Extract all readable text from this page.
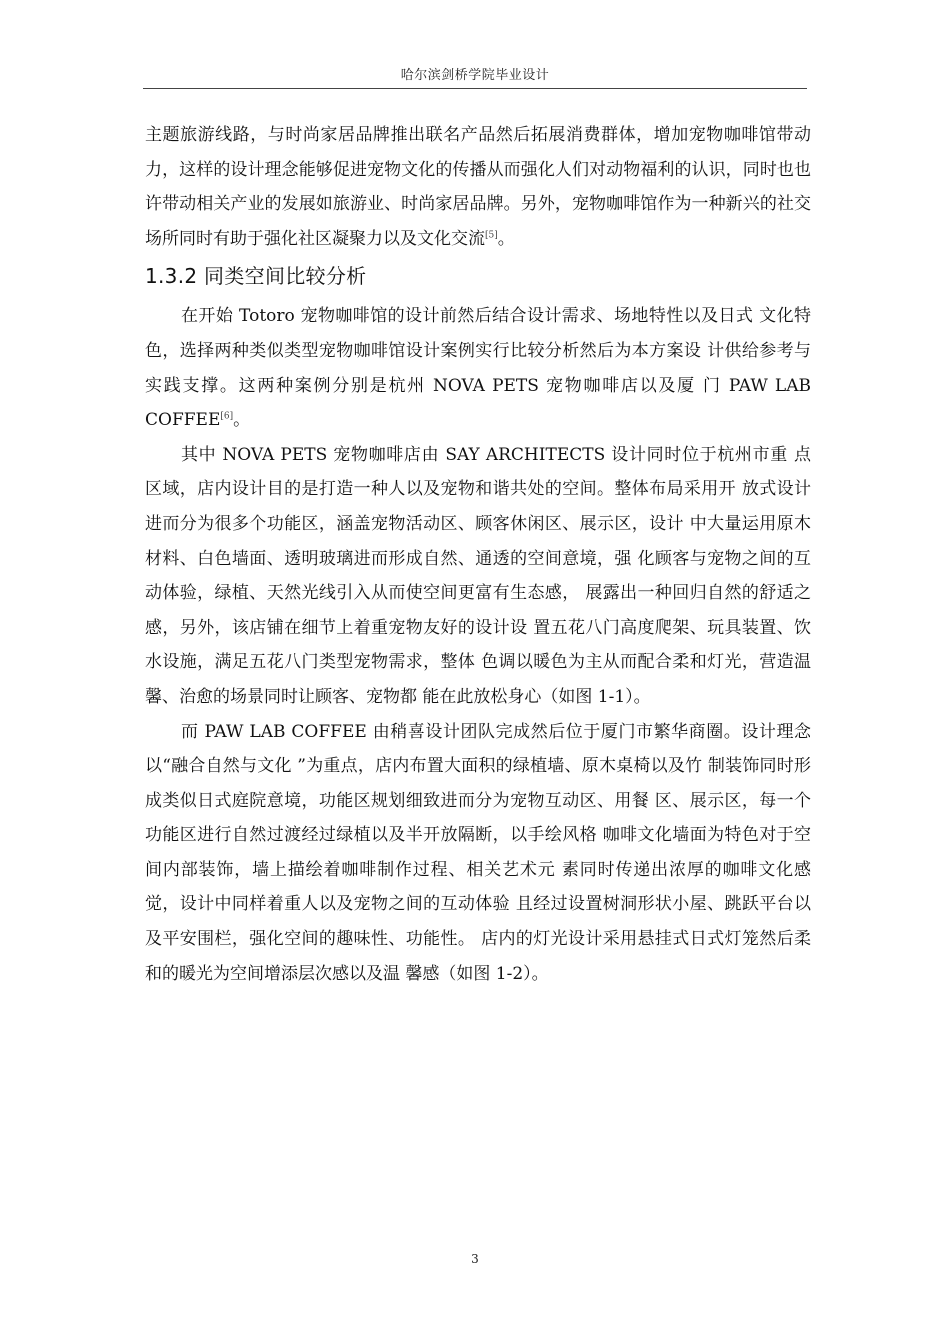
哈尔滨剑桥学院毕业设计

主题旅游线路，与时尚家居品牌推出联名产品然后拓展消费群体，增加宠物咖啡馆带动力，这样的设计理念能够促进宠物文化的传播从而强化人们对动物福利的认识，同时也也许带动相关产业的发展如旅游业、时尚家居品牌。另外，宠物咖啡馆作为一种新兴的社交场所同时有助于强化社区凝聚力以及文化交流[5]。

1.3.2 同类空间比较分析

在开始 Totoro 宠物咖啡馆的设计前然后结合设计需求、场地特性以及日式 文化特色，选择两种类似类型宠物咖啡馆设计案例实行比较分析然后为本方案设 计供给参考与实践支撑。这两种案例分别是杭州 NOVA PETS 宠物咖啡店以及厦 门 PAW LAB COFFEE[6]。

其中 NOVA PETS 宠物咖啡店由 SAY ARCHITECTS 设计同时位于杭州市重 点区域，店内设计目的是打造一种人以及宠物和谐共处的空间。整体布局采用开 放式设计进而分为很多个功能区，涵盖宠物活动区、顾客休闲区、展示区，设计 中大量运用原木材料、白色墙面、透明玻璃进而形成自然、通透的空间意境，强 化顾客与宠物之间的互动体验，绿植、天然光线引入从而使空间更富有生态感， 展露出一种回归自然的舒适之感，另外，该店铺在细节上着重宠物友好的设计设 置五花八门高度爬架、玩具装置、饮水设施，满足五花八门类型宠物需求，整体 色调以暖色为主从而配合柔和灯光，营造温馨、治愈的场景同时让顾客、宠物都 能在此放松身心（如图 1-1）。

而 PAW LAB COFFEE 由稍喜设计团队完成然后位于厦门市繁华商圈。设计理念以“融合自然与文化 ”为重点，店内布置大面积的绿植墙、原木桌椅以及竹 制装饰同时形成类似日式庭院意境，功能区规划细致进而分为宠物互动区、用餐 区、展示区，每一个功能区进行自然过渡经过绿植以及半开放隔断，以手绘风格 咖啡文化墙面为特色对于空间内部装饰，墙上描绘着咖啡制作过程、相关艺术元 素同时传递出浓厚的咖啡文化感觉，设计中同样着重人以及宠物之间的互动体验 且经过设置树洞形状小屋、跳跃平台以及平安围栏，强化空间的趣味性、功能性。 店内的灯光设计采用悬挂式日式灯笼然后柔和的暖光为空间增添层次感以及温 馨感（如图 1-2）。

3
